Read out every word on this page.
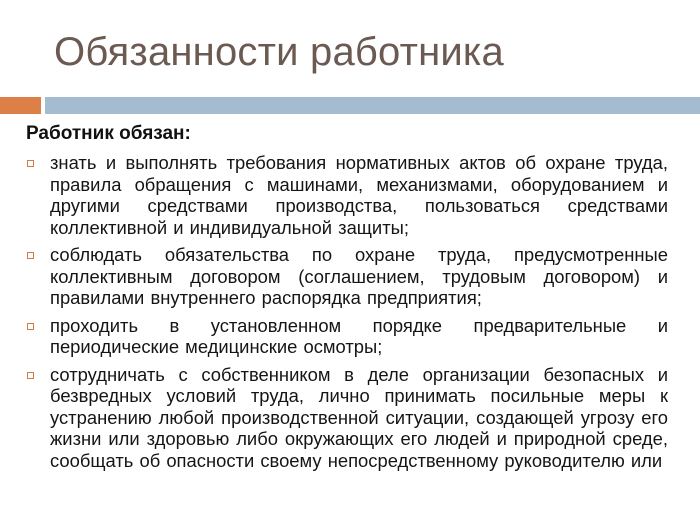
Обязанности работника

Работник обязан:

знать и выполнять требования нормативных актов об охране труда, правила обращения с машинами, механизмами, оборудованием и другими средствами производства, пользоваться средствами коллективной и индивидуальной защиты;
соблюдать обязательства по охране труда, предусмотренные коллективным договором (соглашением, трудовым договором) и правилами внутреннего распорядка предприятия;
проходить в установленном порядке предварительные и периодические медицинские осмотры;
сотрудничать с собственником в деле организации безопасных и безвредных условий труда, лично принимать посильные меры к устранению любой производственной ситуации, создающей угрозу его жизни или здоровью либо окружающих его людей и природной среде, сообщать об опасности своему непосредственному руководителю или
